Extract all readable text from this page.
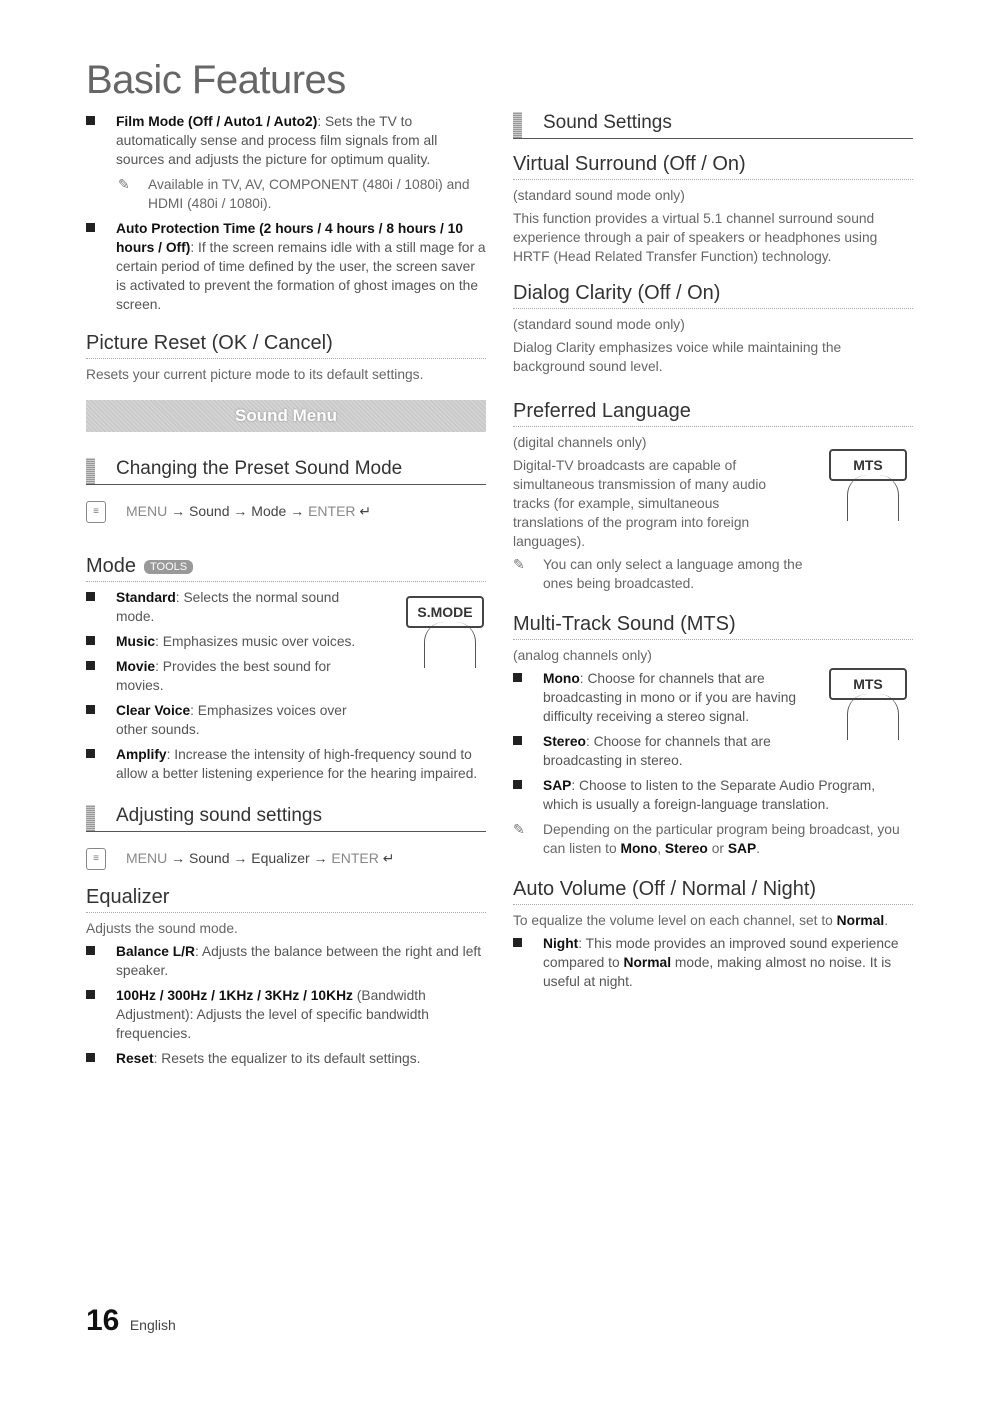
Basic Features
Film Mode (Off / Auto1 / Auto2): Sets the TV to automatically sense and process film signals from all sources and adjusts the picture for optimum quality.
✎ Available in TV, AV, COMPONENT (480i / 1080i) and HDMI (480i / 1080i).
Auto Protection Time (2 hours / 4 hours / 8 hours / 10 hours / Off): If the screen remains idle with a still mage for a certain period of time defined by the user, the screen saver is activated to prevent the formation of ghost images on the screen.
Picture Reset (OK / Cancel)
Resets your current picture mode to its default settings.
Sound Menu
Changing the Preset Sound Mode
≡	MENU → Sound → Mode → ENTER ↵
Mode TOOLS
S.MODE
Standard: Selects the normal sound mode.
Music: Emphasizes music over voices.
Movie: Provides the best sound for movies.
Clear Voice: Emphasizes voices over other sounds.
Amplify: Increase the intensity of high-frequency sound to allow a better listening experience for the hearing impaired.
Adjusting sound settings
≡	MENU → Sound → Equalizer → ENTER ↵
Equalizer
Adjusts the sound mode.
Balance L/R: Adjusts the balance between the right and left speaker.
100Hz / 300Hz / 1KHz / 3KHz / 10KHz (Bandwidth Adjustment): Adjusts the level of specific bandwidth frequencies.
Reset: Resets the equalizer to its default settings.
Sound Settings
Virtual Surround (Off / On)
(standard sound mode only)
This function provides a virtual 5.1 channel surround sound experience through a pair of speakers or headphones using HRTF (Head Related Transfer Function) technology.
Dialog Clarity (Off / On)
(standard sound mode only)
Dialog Clarity emphasizes voice while maintaining the background sound level.
Preferred Language
MTS
(digital channels only)
Digital-TV broadcasts are capable of simultaneous transmission of many audio tracks (for example, simultaneous translations of the program into foreign languages).
✎ You can only select a language among the ones being broadcasted.
Multi-Track Sound (MTS)
MTS
(analog channels only)
Mono: Choose for channels that are broadcasting in mono or if you are having difficulty receiving a stereo signal.
Stereo: Choose for channels that are broadcasting in stereo.
SAP: Choose to listen to the Separate Audio Program, which is usually a foreign-language translation.
✎ Depending on the particular program being broadcast, you can listen to Mono, Stereo or SAP.
Auto Volume (Off / Normal / Night)
To equalize the volume level on each channel, set to Normal.
Night: This mode provides an improved sound experience compared to Normal mode, making almost no noise. It is useful at night.
16 English
